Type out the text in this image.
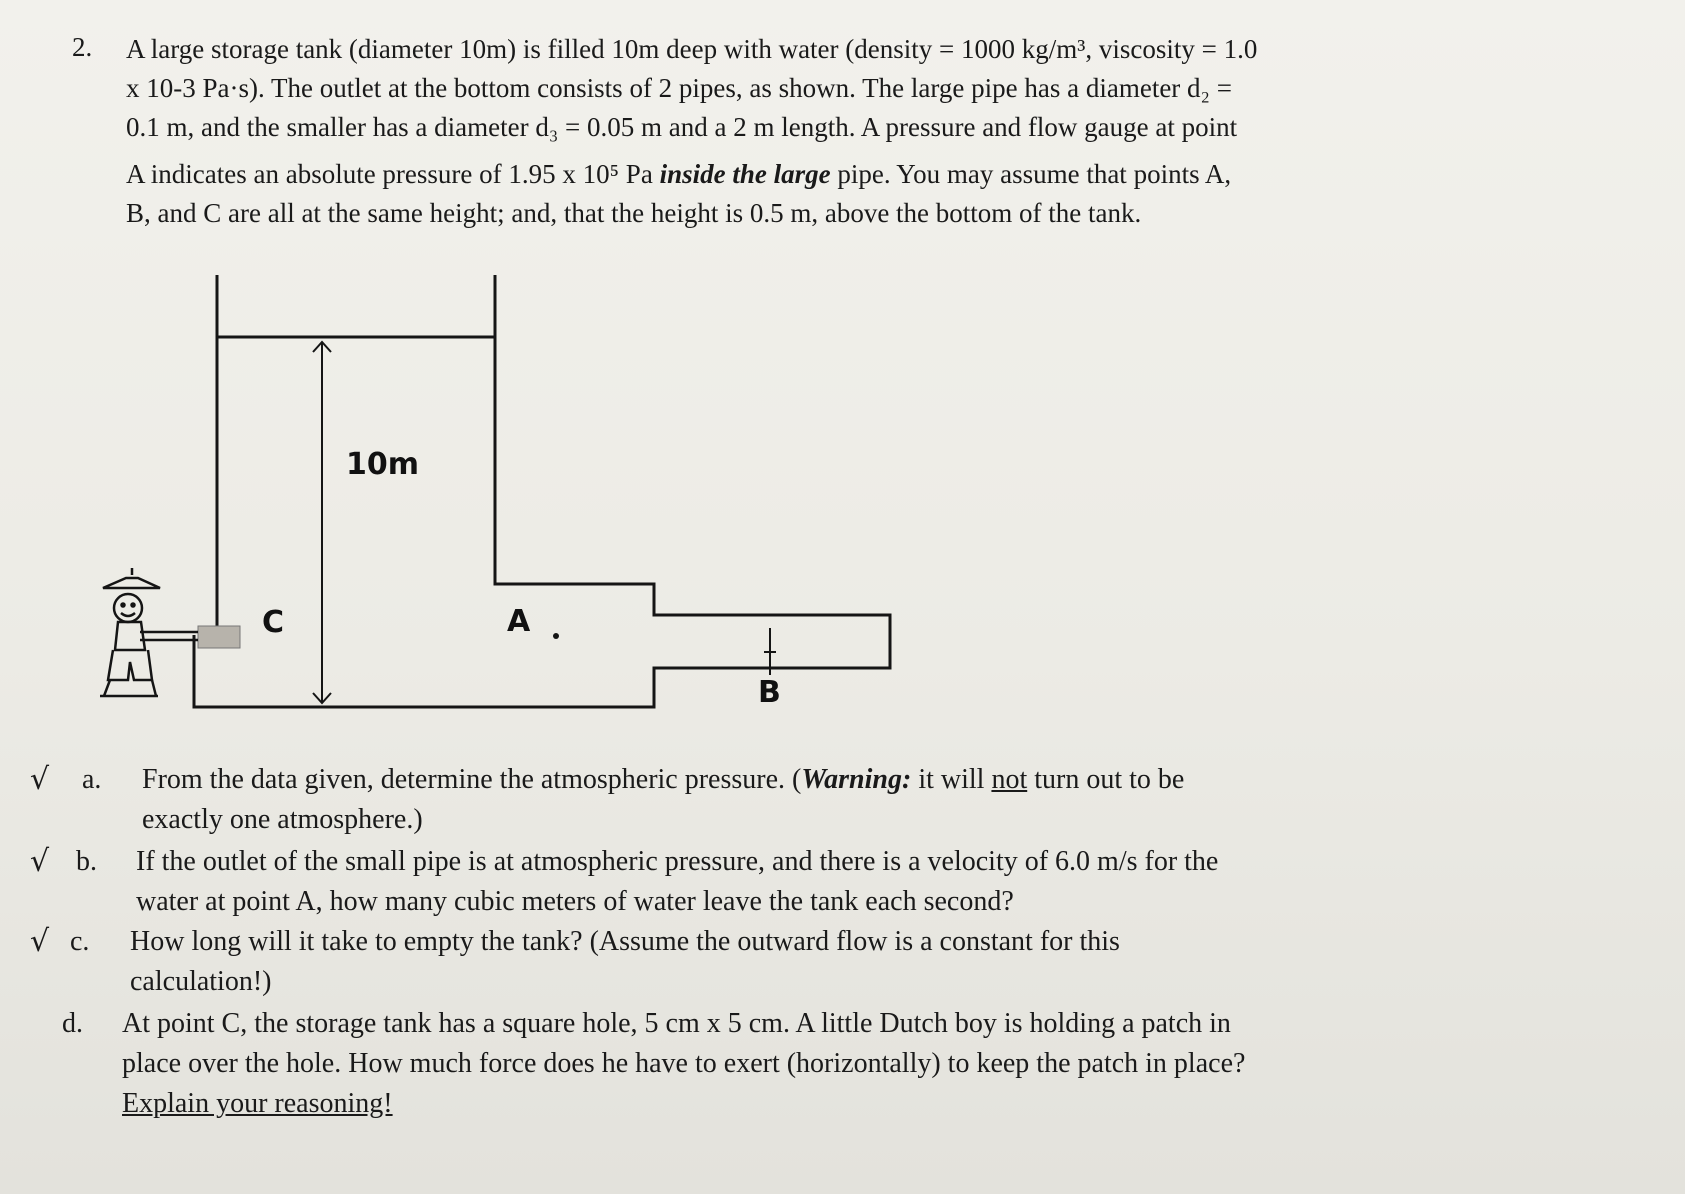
2. A large storage tank (diameter 10m) is filled 10m deep with water (density = 1000 kg/m³, viscosity = 1.0
x 10-3 Pa·s). The outlet at the bottom consists of 2 pipes, as shown. The large pipe has a diameter d₂ =
0.1 m, and the smaller has a diameter d₃ = 0.05 m and a 2 m length. A pressure and flow gauge at point
A indicates an absolute pressure of 1.95 x 10⁵ Pa inside the large pipe. You may assume that points A,
B, and C are all at the same height; and, that the height is 0.5 m, above the bottom of the tank.
10m
C	A
B
√	a. From the data given, determine the atmospheric pressure. (Warning: it will not turn out to be
exactly one atmosphere.)
√ b. If the outlet of the small pipe is at atmospheric pressure, and there is a velocity of 6.0 m/s for the
water at point A, how many cubic meters of water leave the tank each second?
√ c. How long will it take to empty the tank? (Assume the outward flow is a constant for this
calculation!)
d. At point C, the storage tank has a square hole, 5 cm x 5 cm. A little Dutch boy is holding a patch in
place over the hole. How much force does he have to exert (horizontally) to keep the patch in place?
Explain your reasoning!
